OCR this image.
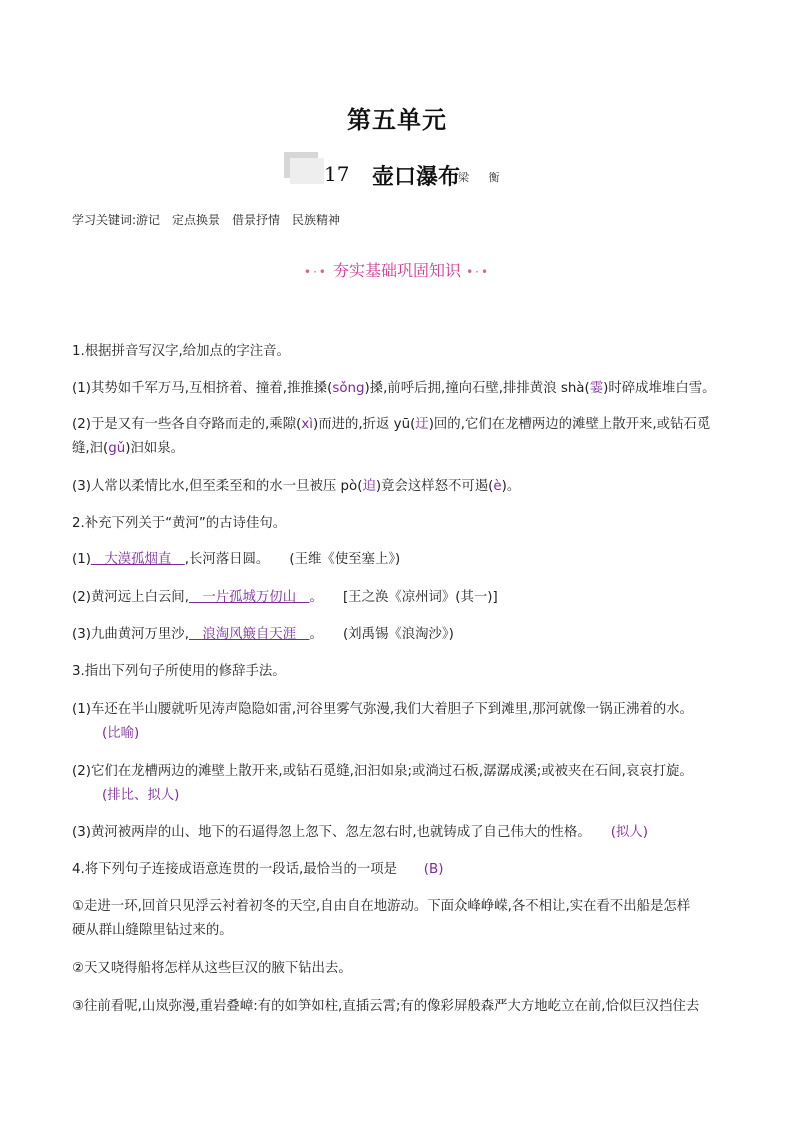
第五单元
17 壶口瀑布
梁 衡
学习关键词:游记　定点换景　借景抒情　民族精神
•·• 夯实基础巩固知识 •·•
1.根据拼音写汉字,给加点的字注音。
(1)其势如千军万马,互相挤着、撞着,推推搡(sǒng)搡,前呼后拥,撞向石壁,排排黄浪 shà(霎)时碎成堆堆白雪。
(2)于是又有一些各自夺路而走的,乘隙(xì)而进的,折返 yū(迂)回的,它们在龙槽两边的滩壁上散开来,或钻石觅
缝,汩(gǔ)汩如泉。
(3)人常以柔情比水,但至柔至和的水一旦被压 pò(迫)竟会这样怒不可遏(è)。
2.补充下列关于“黄河”的古诗佳句。
(1)　大漠孤烟直　,长河落日圆。　　(王维《使至塞上》)
(2)黄河远上白云间,　一片孤城万仞山　。　　[王之涣《凉州词》(其一)]
(3)九曲黄河万里沙,　浪淘风簸自天涯　。　　(刘禹锡《浪淘沙》)
3.指出下列句子所使用的修辞手法。
(1)车还在半山腰就听见涛声隐隐如雷,河谷里雾气弥漫,我们大着胆子下到滩里,那河就像一锅正沸着的水。
(比喻)
(2)它们在龙槽两边的滩壁上散开来,或钻石觅缝,汩汩如泉;或淌过石板,潺潺成溪;或被夹在石间,哀哀打旋。
(排比、拟人)
(3)黄河被两岸的山、地下的石逼得忽上忽下、忽左忽右时,也就铸成了自己伟大的性格。　　(拟人)
4.将下列句子连接成语意连贯的一段话,最恰当的一项是　　(B)
①走进一环,回首只见浮云衬着初冬的天空,自由自在地游动。下面众峰峥嵘,各不相让,实在看不出船是怎样
硬从群山缝隙里钻过来的。
②天又哓得船将怎样从这些巨汉的腋下钻出去。
③往前看呢,山岚弥漫,重岩叠嶂:有的如笋如柱,直插云霄;有的像彩屏般森严大方地屹立在前,恰似巨汉挡住去
